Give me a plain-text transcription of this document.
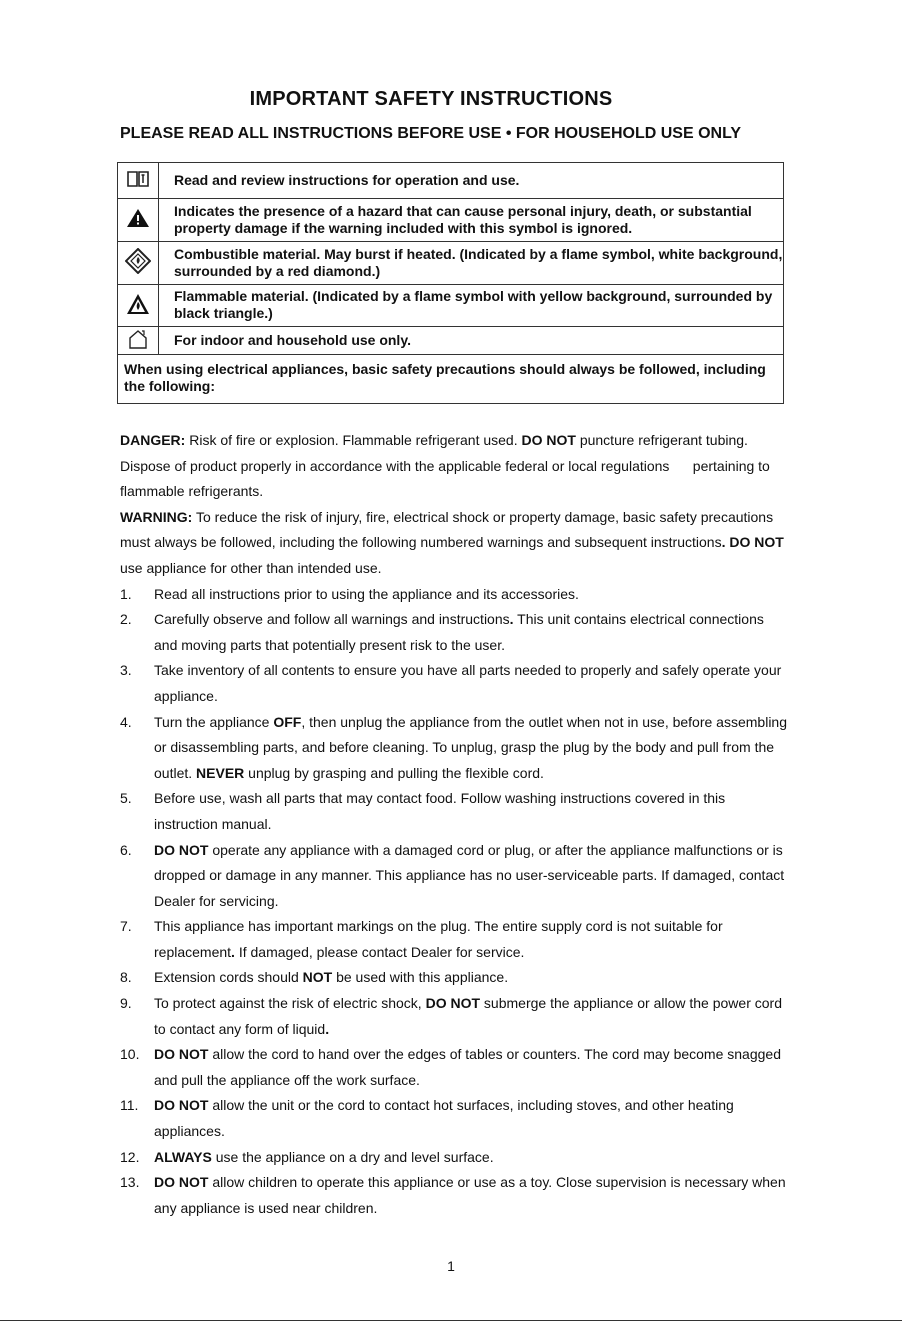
IMPORTANT SAFETY INSTRUCTIONS
PLEASE READ ALL INSTRUCTIONS BEFORE USE • FOR HOUSEHOLD USE ONLY
	Read and review instructions for operation and use.
	Indicates the presence of a hazard that can cause personal injury, death, or substantial property damage if the warning included with this symbol is ignored.
	Combustible material. May burst if heated. (Indicated by a flame symbol, white background, surrounded by a red diamond.)
	Flammable material. (Indicated by a flame symbol with yellow background, surrounded by black triangle.)
	For indoor and household use only.
When using electrical appliances, basic safety precautions should always be followed, including the following:	

DANGER: Risk of fire or explosion. Flammable refrigerant used. DO NOT puncture refrigerant tubing. Dispose of product properly in accordance with the applicable federal or local regulations pertaining to flammable refrigerants.

WARNING: To reduce the risk of injury, fire, electrical shock or property damage, basic safety precautions must always be followed, including the following numbered warnings and subsequent instructions. DO NOT use appliance for other than intended use.

1. Read all instructions prior to using the appliance and its accessories.
2. Carefully observe and follow all warnings and instructions. This unit contains electrical connections and moving parts that potentially present risk to the user.
3. Take inventory of all contents to ensure you have all parts needed to properly and safely operate your appliance.
4. Turn the appliance OFF, then unplug the appliance from the outlet when not in use, before assembling or disassembling parts, and before cleaning. To unplug, grasp the plug by the body and pull from the outlet. NEVER unplug by grasping and pulling the flexible cord.
5. Before use, wash all parts that may contact food. Follow washing instructions covered in this instruction manual.
6. DO NOT operate any appliance with a damaged cord or plug, or after the appliance malfunctions or is dropped or damage in any manner. This appliance has no user-serviceable parts. If damaged, contact Dealer for servicing.
7. This appliance has important markings on the plug. The entire supply cord is not suitable for replacement. If damaged, please contact Dealer for service.
8. Extension cords should NOT be used with this appliance.
9. To protect against the risk of electric shock, DO NOT submerge the appliance or allow the power cord to contact any form of liquid.
10. DO NOT allow the cord to hand over the edges of tables or counters. The cord may become snagged and pull the appliance off the work surface.
11. DO NOT allow the unit or the cord to contact hot surfaces, including stoves, and other heating appliances.
12. ALWAYS use the appliance on a dry and level surface.
13. DO NOT allow children to operate this appliance or use as a toy. Close supervision is necessary when any appliance is used near children.
1
